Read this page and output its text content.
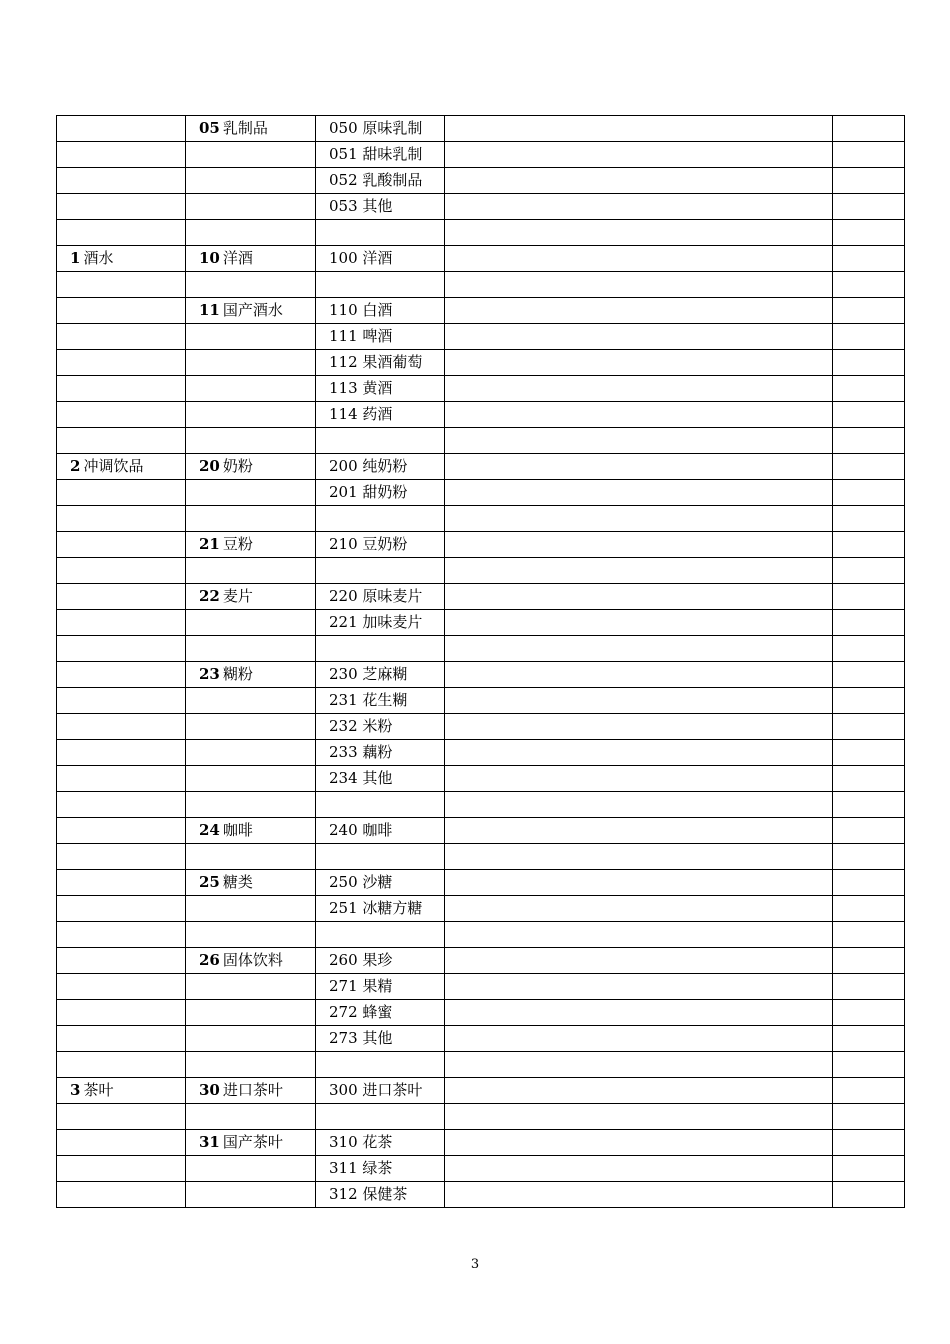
	05 乳制品	050 原味乳制		
		051 甜味乳制		
		052 乳酸制品		
		053 其他		

1 酒水	10 洋酒	100 洋酒		

	11 国产酒水	110 白酒		
		111 啤酒		
		112 果酒葡萄		
		113 黄酒		
		114 药酒		

2 冲调饮品	20 奶粉	200 纯奶粉		
		201 甜奶粉		

	21 豆粉	210 豆奶粉		

	22 麦片	220 原味麦片		
		221 加味麦片		

	23 糊粉	230 芝麻糊		
		231 花生糊		
		232 米粉		
		233 藕粉		
		234 其他		

	24 咖啡	240 咖啡		

	25 糖类	250 沙糖		
		251 冰糖方糖		

	26 固体饮料	260 果珍		
		271 果精		
		272 蜂蜜		
		273 其他		

3 茶叶	30 进口茶叶	300 进口茶叶		

	31 国产茶叶	310 花茶		
		311 绿茶		
		312 保健茶		
3
